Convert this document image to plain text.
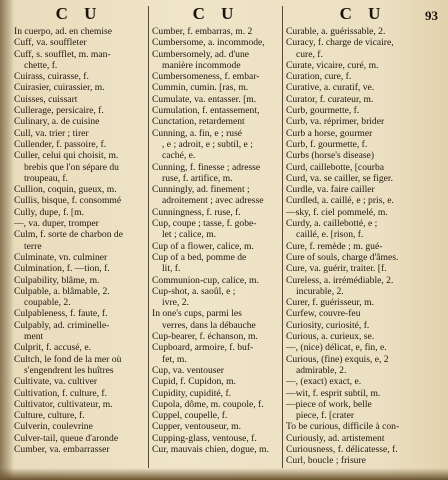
C U
In cuerpo, ad. en chemise
Cuff, va. souffleter
Cuff, s. soufflet, m. man-
chette, f.
Cuirass, cuirasse, f.
Cuirasier, cuirassier, m.
Cuisses, cuissart
Cullerage, persicaire, f.
Culinary, a. de cuisine
Cull, va. trier ; tirer
Cullender, f. passoire, f.
Culler, celui qui choisit, m.
brebis que l'on sépare du
troupeau, f.
Cullion, coquin, gueux, m.
Cullis, bisque, f. consommé
Cully, dupe, f. [m.
—, va. duper, tromper
Culm, f. sorte de charbon de
terre
Culminate, vn. culminer
Culmination, f. —tion, f.
Culpability, blâme, m.
Culpable, a. blâmable, 2.
coupable, 2.
Culpableness, f. faute, f.
Culpably, ad. criminelle-
ment
Culprit, f. accusé, e.
Cultch, le fond de la mer où
s'engendrent les huîtres
Cultivate, va. cultiver
Cultivation, f. culture, f.
Cultivator, cultivateur, m.
Culture, culture, f.
Culverin, coulevrine
Culver-tail, queue d'aronde
Cumber, va. embarrasser
C U
Cumber, f. embarras, m. 2
Cumbersome, a. incommode,
Cumbersomely, ad. d'une
manière incommode
Cumbersomeness, f. embar-
Cummin, cumin. [ras, m.
Cumulate, va. entasser. [m.
Cumulation, f. entassement,
Cunctation, retardement
Cunning, a. fin, e ; rusé
, e ; adroit, e ; subtil, e ;
caché, e.
Cunning, f. finesse ; adresse
ruse, f. artifice, m.
Cunningly, ad. finement ;
adroitement ; avec adresse
Cunningness, f. ruse, f.
Cup, coupe ; tasse, f. gobe-
let ; calice, m.
Cup of a flower, calice, m.
Cup of a bed, pomme de
lit, f.
Communion-cup, calice, m.
Cup-shot, a. saoûl, e ;
ivre, 2.
In one's cups, parmi les
verres, dans la débauche
Cup-bearer, f. échanson, m.
Cupboard, armoire, f. buf-
fet, m.
Cup, va. ventouser
Cupid, f. Cupidon, m.
Cupidity, cupidité, f.
Cupola, dôme, m. coupole, f.
Cuppel, coupelle, f.
Cupper, ventouseur, m.
Cupping-glass, ventouse, f.
Cur, mauvais chien, dogue, m.
C U	93
Curable, a. guérissable, 2.
Curacy, f. charge de vicaire,
cure, f.
Curate, vicaire, curé, m.
Curation, cure, f.
Curative, a. curatif, ve.
Curator, f. curateur, m.
Curb, gourmette, f.
Curb, va. réprimer, brider
Curb a horse, gourmer
Curb, f. gourmette, f.
Curbs (horse's disease)
Curd, caillebotte, [courba
Curd, va. se cailler, se figer.
Curdle, va. faire cailler
Curdled, a. caillé, e ; pris, e.
—sky, f. ciel pommelé, m.
Curdy, a. caillebotté, e ;
caillé, e. [rison, f.
Cure, f. remède ; m. gué-
Cure of souls, charge d'âmes.
Cure, va. guérir, traiter. [f.
Cureless, a. irrémédiable, 2.
incurable, 2.
Curer, f. guérisseur, m.
Curfew, couvre-feu
Curiosity, curiosité, f.
Curious, a. curieux, se.
—, (nice) délicat, e, fin, e.
Curious, (fine) exquis, e, 2
admirable, 2.
—, (exact) exact, e.
—wit, f. esprit subtil, m.
—piece of work, belle
piece, f. [crater
To be curious, difficile à con-
Curiously, ad. artistement
Curiousness, f. délicatesse, f.
Curl, boucle ; frisure
